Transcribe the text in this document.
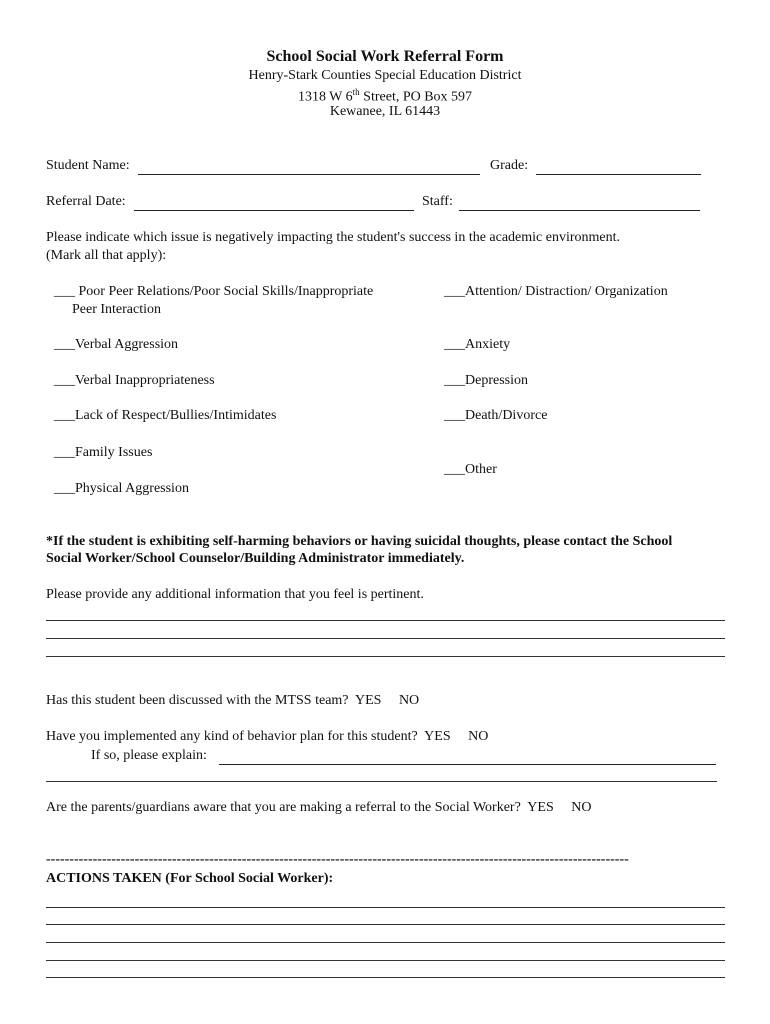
School Social Work Referral Form
Henry-Stark Counties Special Education District
1318 W 6th Street, PO Box 597
Kewanee, IL 61443
Student Name:	Grade:
Referral Date:	Staff:
Please indicate which issue is negatively impacting the student's success in the academic environment.
(Mark all that apply):
___ Poor Peer Relations/Poor Social Skills/Inappropriate
Peer Interaction
___Verbal Aggression
___Verbal Inappropriateness
___Lack of Respect/Bullies/Intimidates
___Family Issues
___Physical Aggression
___Attention/ Distraction/ Organization
___Anxiety
___Depression
___Death/Divorce
___Other
*If the student is exhibiting self-harming behaviors or having suicidal thoughts, please contact the School
Social Worker/School Counselor/Building Administrator immediately.
Please provide any additional information that you feel is pertinent.
Has this student been discussed with the MTSS team?  YES     NO
Have you implemented any kind of behavior plan for this student?  YES     NO
If so, please explain:
Are the parents/guardians aware that you are making a referral to the Social Worker?  YES     NO
-----------------------------------------------------------------------------------------------------------------------------
ACTIONS TAKEN (For School Social Worker):
